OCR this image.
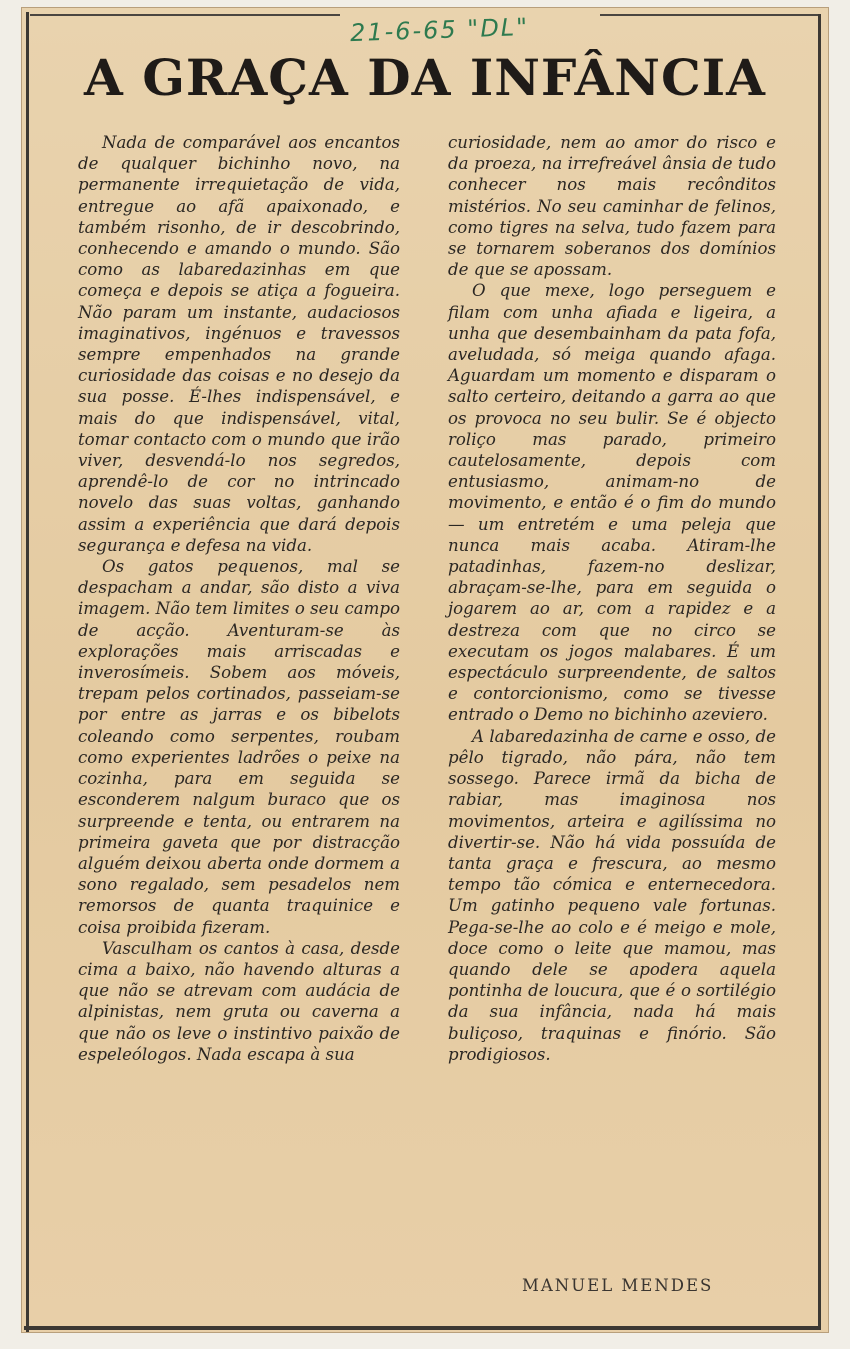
21-6-65 "DL"
A GRAÇA DA INFÂNCIA

Nada de comparável aos encantos de qualquer bichinho novo, na permanente irrequietação de vida, entregue ao afã apaixonado, e também risonho, de ir descobrindo, conhecendo e amando o mundo. São como as labaredazinhas em que começa e depois se atiça a fogueira. Não param um instante, audaciosos imaginativos, ingénuos e travessos sempre empenhados na grande curiosidade das coisas e no desejo da sua posse. É-lhes indispensável, e mais do que indispensável, vital, tomar contacto com o mundo que irão viver, desvendá-lo nos segredos, aprendê-lo de cor no intrincado novelo das suas voltas, ganhando assim a experiência que dará depois segurança e defesa na vida.

Os gatos pequenos, mal se despacham a andar, são disto a viva imagem. Não tem limites o seu campo de acção. Aventuram-se às explorações mais arriscadas e inverosímeis. Sobem aos móveis, trepam pelos cortinados, passeiam-se por entre as jarras e os bibelots coleando como serpentes, roubam como experientes ladrões o peixe na cozinha, para em seguida se esconderem nalgum buraco que os surpreende e tenta, ou entrarem na primeira gaveta que por distracção alguém deixou aberta onde dormem a sono regalado, sem pesadelos nem remorsos de quanta traquinice e coisa proibida fizeram.

Vasculham os cantos à casa, desde cima a baixo, não havendo alturas a que não se atrevam com audácia de alpinistas, nem gruta ou caverna a que não os leve o instintivo paixão de espeleólogos. Nada escapa à sua

curiosidade, nem ao amor do risco e da proeza, na irrefreável ânsia de tudo conhecer nos mais recônditos mistérios. No seu caminhar de felinos, como tigres na selva, tudo fazem para se tornarem soberanos dos domínios de que se apossam.

O que mexe, logo perseguem e filam com unha afiada e ligeira, a unha que desembainham da pata fofa, aveludada, só meiga quando afaga. Aguardam um momento e disparam o salto certeiro, deitando a garra ao que os provoca no seu bulir. Se é objecto roliço mas parado, primeiro cautelosamente, depois com entusiasmo, animam-no de movimento, e então é o fim do mundo — um entretém e uma peleja que nunca mais acaba. Atiram-lhe patadinhas, fazem-no deslizar, abraçam-se-lhe, para em seguida o jogarem ao ar, com a rapidez e a destreza com que no circo se executam os jogos malabares. É um espectáculo surpreendente, de saltos e contorcionismo, como se tivesse entrado o Demo no bichinho azeviero.

A labaredazinha de carne e osso, de pêlo tigrado, não pára, não tem sossego. Parece irmã da bicha de rabiar, mas imaginosa nos movimentos, arteira e agilíssima no divertir-se. Não há vida possuída de tanta graça e frescura, ao mesmo tempo tão cómica e enternecedora. Um gatinho pequeno vale fortunas. Pega-se-lhe ao colo e é meigo e mole, doce como o leite que mamou, mas quando dele se apodera aquela pontinha de loucura, que é o sortilégio da sua infância, nada há mais buliçoso, traquinas e finório. São prodigiosos.

MANUEL MENDES
